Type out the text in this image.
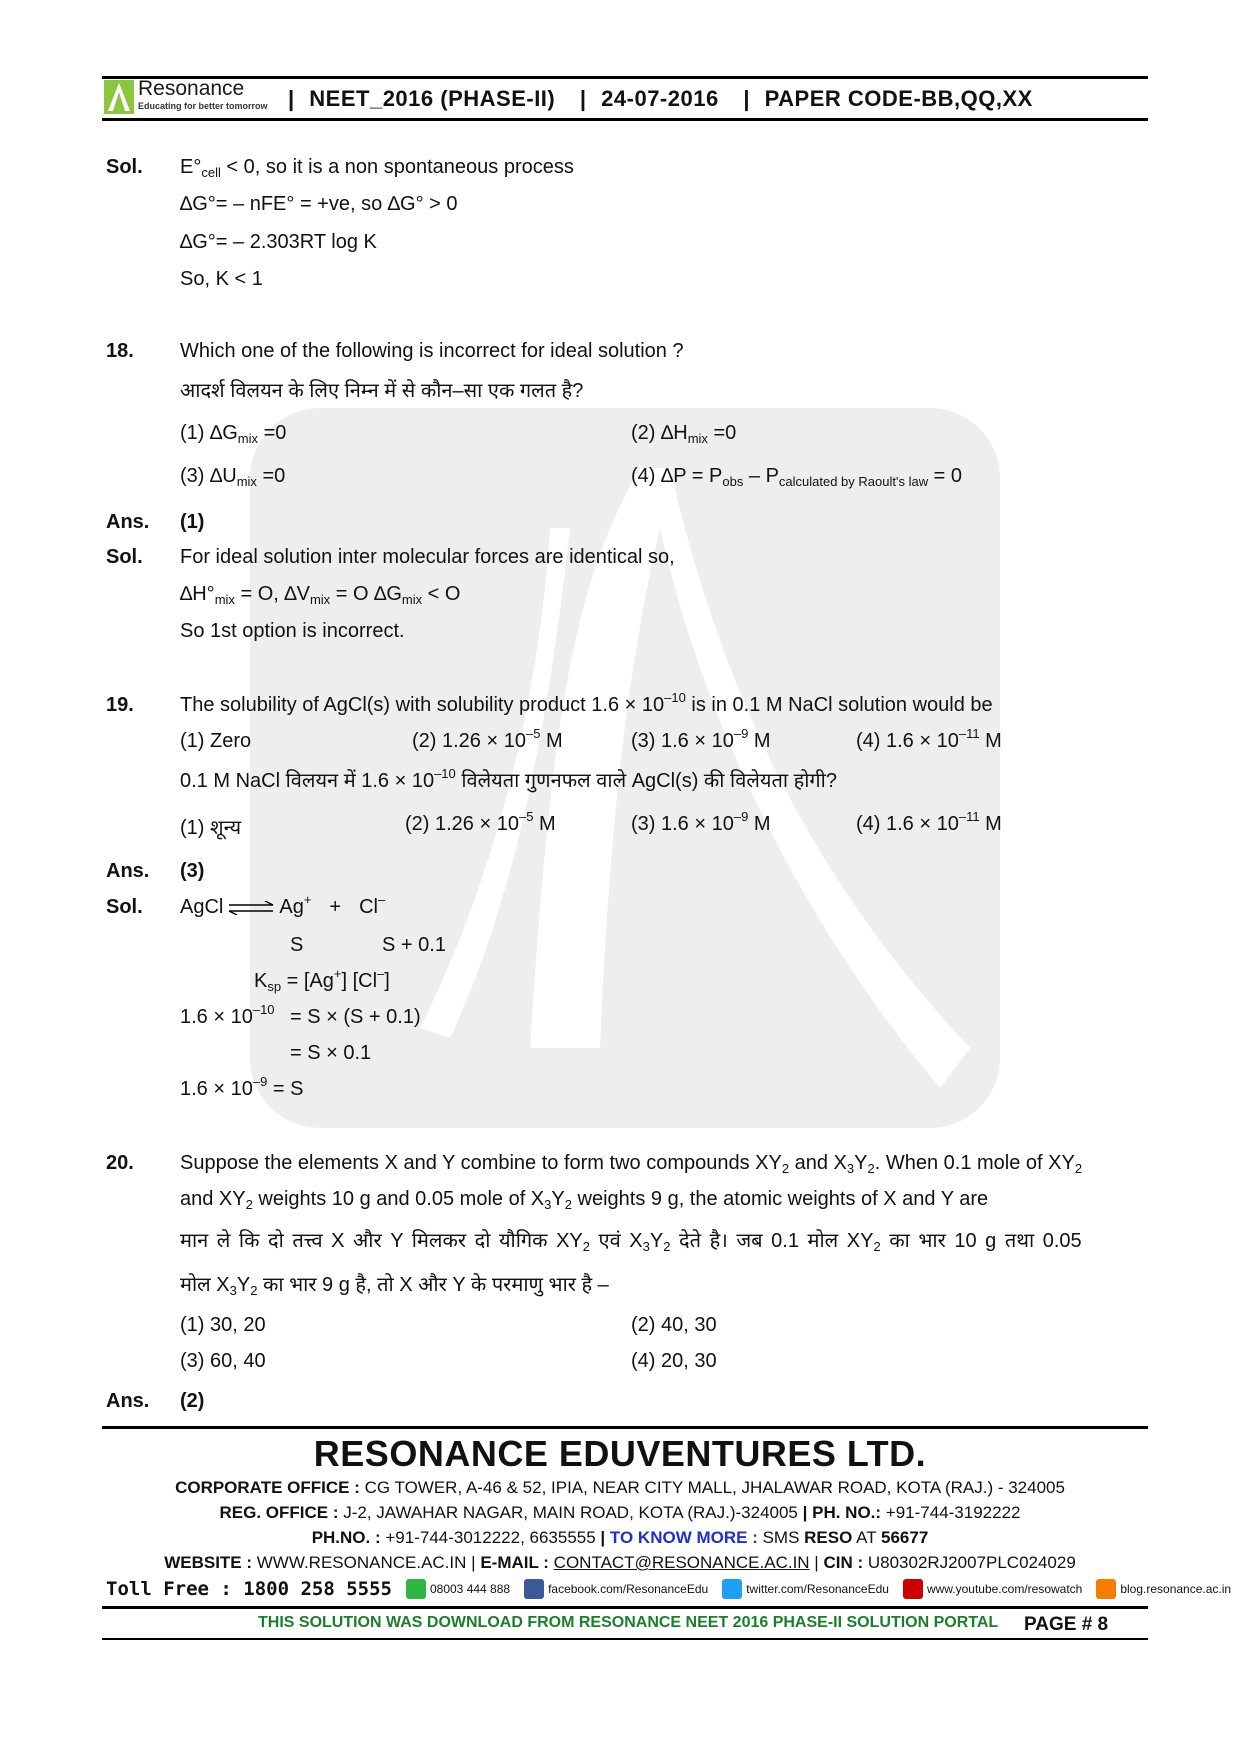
Resonance
Educating for better tomorrow | NEET_2016 (PHASE-II) | 24-07-2016 | PAPER CODE-BB,QQ,XX
Sol. $E^\circ_{cell} < 0$, so it is a non spontaneous process
∆G°= – nFE° = +ve, so ∆G° > 0
∆G°= – 2.303RT log K
So, K < 1
18. Which one of the following is incorrect for ideal solution ?
आदर्श विलयन के लिए निम्न में से कौन–सा एक गलत है?
(1) $\Delta G_{mix} =0$	(2) $\Delta H_{mix} =0$
(3) $\Delta U_{mix} =0$	(4) $\Delta P = P_{obs} - P_{calculated by Raoult's law} = 0$
Ans. (1)
Sol. For ideal solution inter molecular forces are identical so,
$\Delta H^\circ_{mix} = O$, $\Delta V_{mix} = O$ $\Delta G_{mix} < O$
So 1st option is incorrect.
19. The solubility of AgCl(s) with solubility product $1.6 \times 10^{-10}$ is in 0.1 M NaCl solution would be
(1) Zero	(2) $1.26 \times 10^{-5}$ M	(3) $1.6 \times 10^{-9}$ M	(4) $1.6 \times 10^{-11}$ M
0.1 M NaCl विलयन में $1.6 \times 10^{-10}$ विलेयता गुणनफल वाले AgCl(s) की विलेयता होगी?
(1) शून्य	(2) $1.26 \times 10^{-5}$ M	(3) $1.6 \times 10^{-9}$ M	(4) $1.6 \times 10^{-11}$ M
Ans. (3)
Sol. AgCl ⇌ Ag+ + Cl–
S	S + 0.1
$K_{sp} = [Ag^+]$ [Cl–]
$1.6 \times 10^{-10} = S \times (S + 0.1)$
= S × 0.1
$1.6 \times 10^{-9} = S$
20. Suppose the elements X and Y combine to form two compounds $XY_2$ and $X_3Y_2$. When 0.1 mole of $XY_2$
and $XY_2$ weights 10 g and 0.05 mole of $X_3Y_2$ weights 9 g, the atomic weights of X and Y are
मान ले कि दो तत्त्व X और Y मिलकर दो यौगिक $XY_2$ एवं $X_3Y_2$ देते है। जब 0.1 मोल $XY_2$ का भार 10 g तथा 0.05
मोल $X_3Y_2$ का भार 9 g है, तो X और Y के परमाणु भार है –
(1) 30, 20	(2) 40, 30
(3) 60, 40	(4) 20, 30
Ans. (2)
RESONANCE EDUVENTURES LTD.
CORPORATE OFFICE : CG TOWER, A-46 & 52, IPIA, NEAR CITY MALL, JHALAWAR ROAD, KOTA (RAJ.) - 324005
REG. OFFICE : J-2, JAWAHAR NAGAR, MAIN ROAD, KOTA (RAJ.)-324005 | PH. NO.: +91-744-3192222
PH.NO. : +91-744-3012222, 6635555 | TO KNOW MORE : SMS RESO AT 56677
WEBSITE : WWW.RESONANCE.AC.IN | E-MAIL : CONTACT@RESONANCE.AC.IN | CIN : U80302RJ2007PLC024029
Toll Free : 1800 258 5555	08003 444 888	facebook.com/ResonanceEdu	twitter.com/ResonanceEdu	www.youtube.com/resowatch	blog.resonance.ac.in
THIS SOLUTION WAS DOWNLOAD FROM RESONANCE NEET 2016 PHASE-II SOLUTION PORTAL PAGE # 8
